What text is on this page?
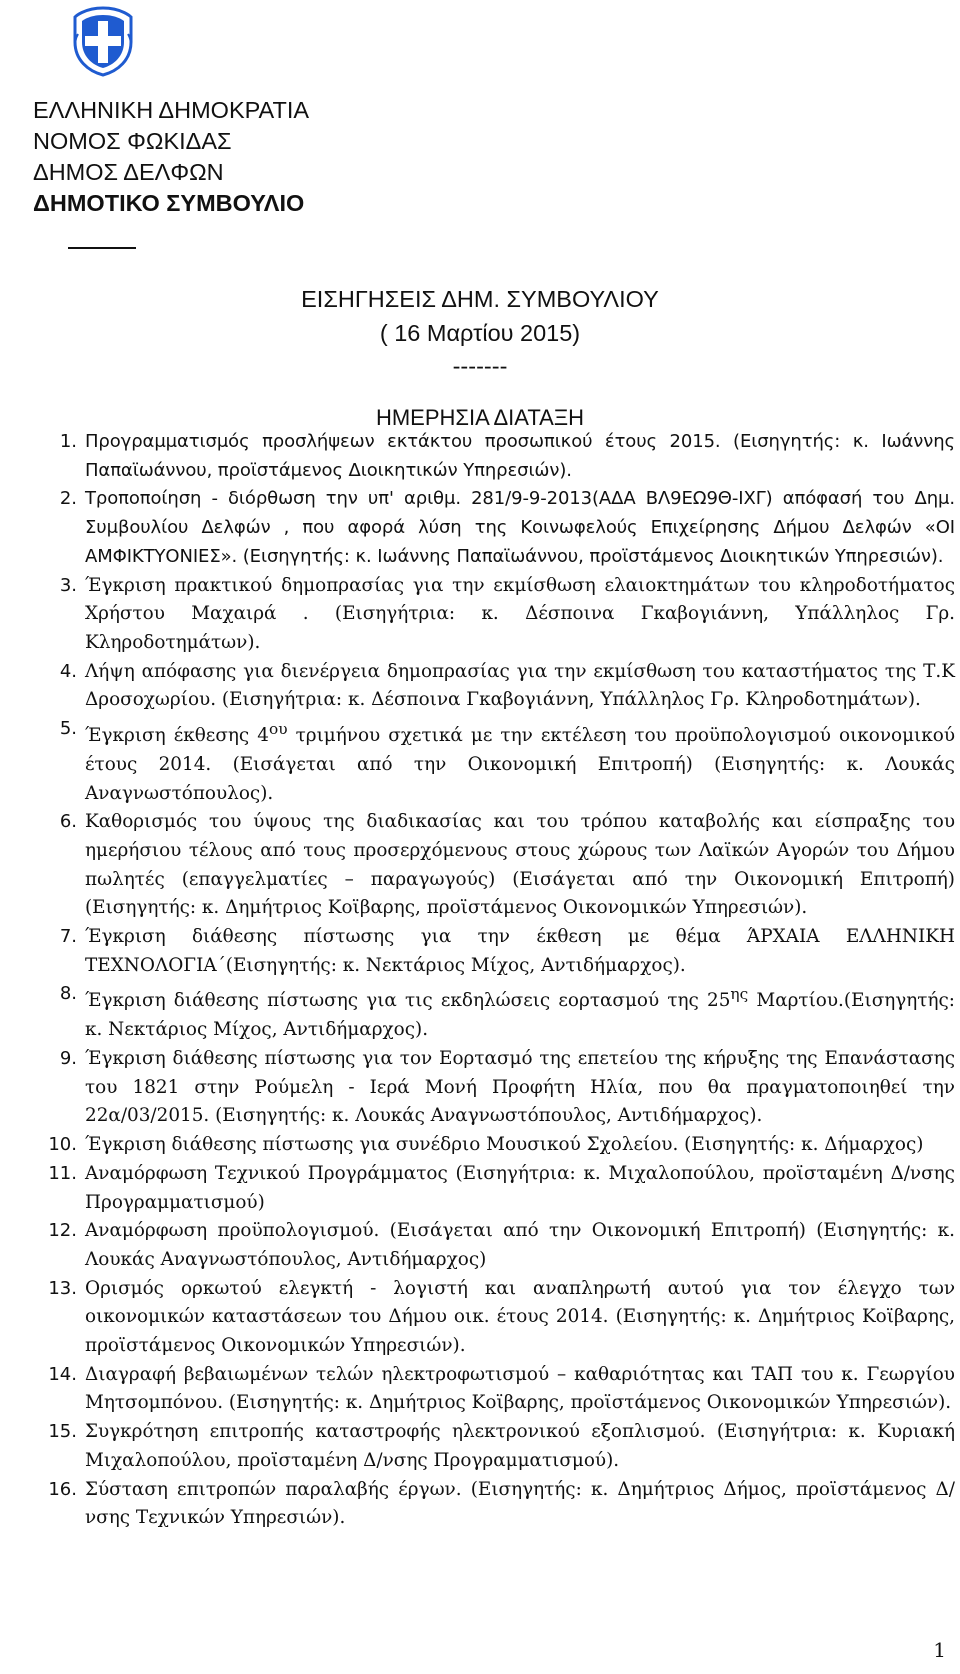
ΕΛΛΗΝΙΚΗ ΔΗΜΟΚΡΑΤΙΑ
ΝΟΜΟΣ ΦΩΚΙΔΑΣ
ΔΗΜΟΣ ΔΕΛΦΩΝ
ΔΗΜΟΤΙΚΟ ΣΥΜΒΟΥΛΙΟ
ΕΙΣΗΓΗΣΕΙΣ ΔΗΜ. ΣΥΜΒΟΥΛΙΟΥ
( 16 Μαρτίου 2015)
-------
ΗΜΕΡΗΣΙΑ ΔΙΑΤΑΞΗ
1. Προγραμματισμός προσλήψεων εκτάκτου προσωπικού έτους 2015. (Εισηγητής: κ. Ιωάννης Παπαϊωάννου, προϊστάμενος Διοικητικών Υπηρεσιών).
2. Τροποποίηση - διόρθωση την υπ' αριθμ. 281/9-9-2013(ΑΔΑ ΒΛ9ΕΩ9Θ-ΙΧΓ) απόφασή του Δημ. Συμβουλίου Δελφών , που αφορά λύση της Κοινωφελούς Επιχείρησης Δήμου Δελφών «ΟΙ ΑΜΦΙΚΤΥΟΝΙΕΣ». (Εισηγητής: κ. Ιωάννης Παπαϊωάννου, προϊστάμενος Διοικητικών Υπηρεσιών).
3. Έγκριση πρακτικού δημοπρασίας για την εκμίσθωση ελαιοκτημάτων του κληροδοτήματος Χρήστου Μαχαιρά . (Εισηγήτρια: κ. Δέσποινα Γκαβογιάννη, Υπάλληλος Γρ. Κληροδοτημάτων).
4. Λήψη απόφασης για διενέργεια δημοπρασίας για την εκμίσθωση του καταστήματος της Τ.Κ Δροσοχωρίου. (Εισηγήτρια: κ. Δέσποινα Γκαβογιάννη, Υπάλληλος Γρ. Κληροδοτημάτων).
5. Έγκριση έκθεσης $4^{o\upsilon}$ τριμήνου σχετικά με την εκτέλεση του προϋπολογισμού οικονομικού έτους 2014. (Εισάγεται από την Οικονομική Επιτροπή) (Εισηγητής: κ. Λουκάς Αναγνωστόπουλος).
6. Καθορισμός του ύψους της διαδικασίας και του τρόπου καταβολής και είσπραξης του ημερήσιου τέλους από τους προσερχόμενους στους χώρους των Λαϊκών Αγορών του Δήμου πωλητές (επαγγελματίες – παραγωγούς) (Εισάγεται από την Οικονομική Επιτροπή) (Εισηγητής: κ. Δημήτριος Κοϊβαρης, προϊστάμενος Οικονομικών Υπηρεσιών).
7. Έγκριση διάθεσης πίστωσης για την έκθεση με θέμα ΆΡΧΑΙΑ ΕΛΛΗΝΙΚΗ ΤΕΧΝΟΛΟΓΙΑ΄(Εισηγητής: κ. Νεκτάριος Μίχος, Αντιδήμαρχος).
8. Έγκριση διάθεσης πίστωσης για τις εκδηλώσεις εορτασμού της $25^{\eta\varsigma}$ Μαρτίου.(Εισηγητής: κ. Νεκτάριος Μίχος, Αντιδήμαρχος).
9. Έγκριση διάθεσης πίστωσης για τον Εορτασμό της επετείου της κήρυξης της Επανάστασης του 1821 στην Ρούμελη - Ιερά Μονή Προφήτη Ηλία, που θα πραγματοποιηθεί την 22α/03/2015. (Εισηγητής: κ. Λουκάς Αναγνωστόπουλος, Αντιδήμαρχος).
10. Έγκριση διάθεσης πίστωσης για συνέδριο Μουσικού Σχολείου. (Εισηγητής: κ. Δήμαρχος)
11. Αναμόρφωση Τεχνικού Προγράμματος (Εισηγήτρια: κ. Μιχαλοπούλου, προϊσταμένη Δ/νσης Προγραμματισμού)
12. Αναμόρφωση προϋπολογισμού. (Εισάγεται από την Οικονομική Επιτροπή) (Εισηγητής: κ. Λουκάς Αναγνωστόπουλος, Αντιδήμαρχος)
13. Ορισμός ορκωτού ελεγκτή - λογιστή και αναπληρωτή αυτού για τον έλεγχο των οικονομικών καταστάσεων του Δήμου οικ. έτους 2014. (Εισηγητής: κ. Δημήτριος Κοϊβαρης, προϊστάμενος Οικονομικών Υπηρεσιών).
14. Διαγραφή βεβαιωμένων τελών ηλεκτροφωτισμού – καθαριότητας και ΤΑΠ του κ. Γεωργίου Μητσομπόνου. (Εισηγητής: κ. Δημήτριος Κοϊβαρης, προϊστάμενος Οικονομικών Υπηρεσιών).
15. Συγκρότηση επιτροπής καταστροφής ηλεκτρονικού εξοπλισμού. (Εισηγήτρια: κ. Κυριακή Μιχαλοπούλου, προϊσταμένη Δ/νσης Προγραμματισμού).
16. Σύσταση επιτροπών παραλαβής έργων. (Εισηγητής: κ. Δημήτριος Δήμος, προϊστάμενος Δ/νσης Τεχνικών Υπηρεσιών).
1
